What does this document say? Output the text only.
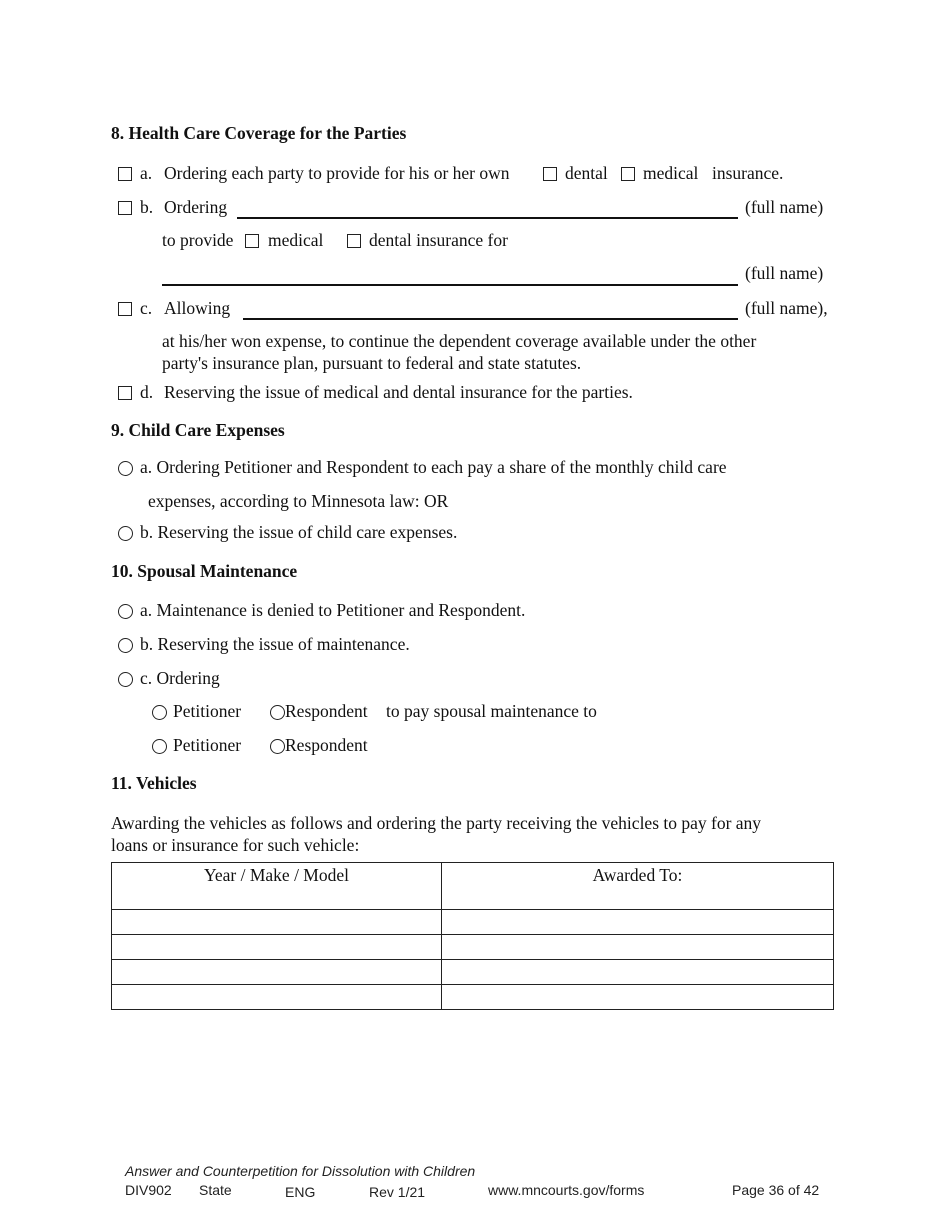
8. Health Care Coverage for the Parties
a. Ordering each party to provide for his or her own	dental medical insurance.
b. Ordering	(full name)
to provide medical	dental insurance for
(full name)
c. Allowing	(full name),
at his/her won expense, to continue the dependent coverage available under the other
party's insurance plan, pursuant to federal and state statutes.
d. Reserving the issue of medical and dental insurance for the parties.
9. Child Care Expenses
a. Ordering Petitioner and Respondent to each pay a share of the monthly child care
expenses, according to Minnesota law: OR
b. Reserving the issue of child care expenses.
10. Spousal Maintenance
a. Maintenance is denied to Petitioner and Respondent.
b. Reserving the issue of maintenance.
c. Ordering
Petitioner	Respondent to pay spousal maintenance to
Petitioner	Respondent
11. Vehicles
Awarding the vehicles as follows and ordering the party receiving the vehicles to pay for any
loans or insurance for such vehicle:
Year / Make / Model	Awarded To:

Answer and Counterpetition for Dissolution with Children
DIV902 State	ENG	Rev 1/21	www.mncourts.gov/forms	Page 36 of 42
